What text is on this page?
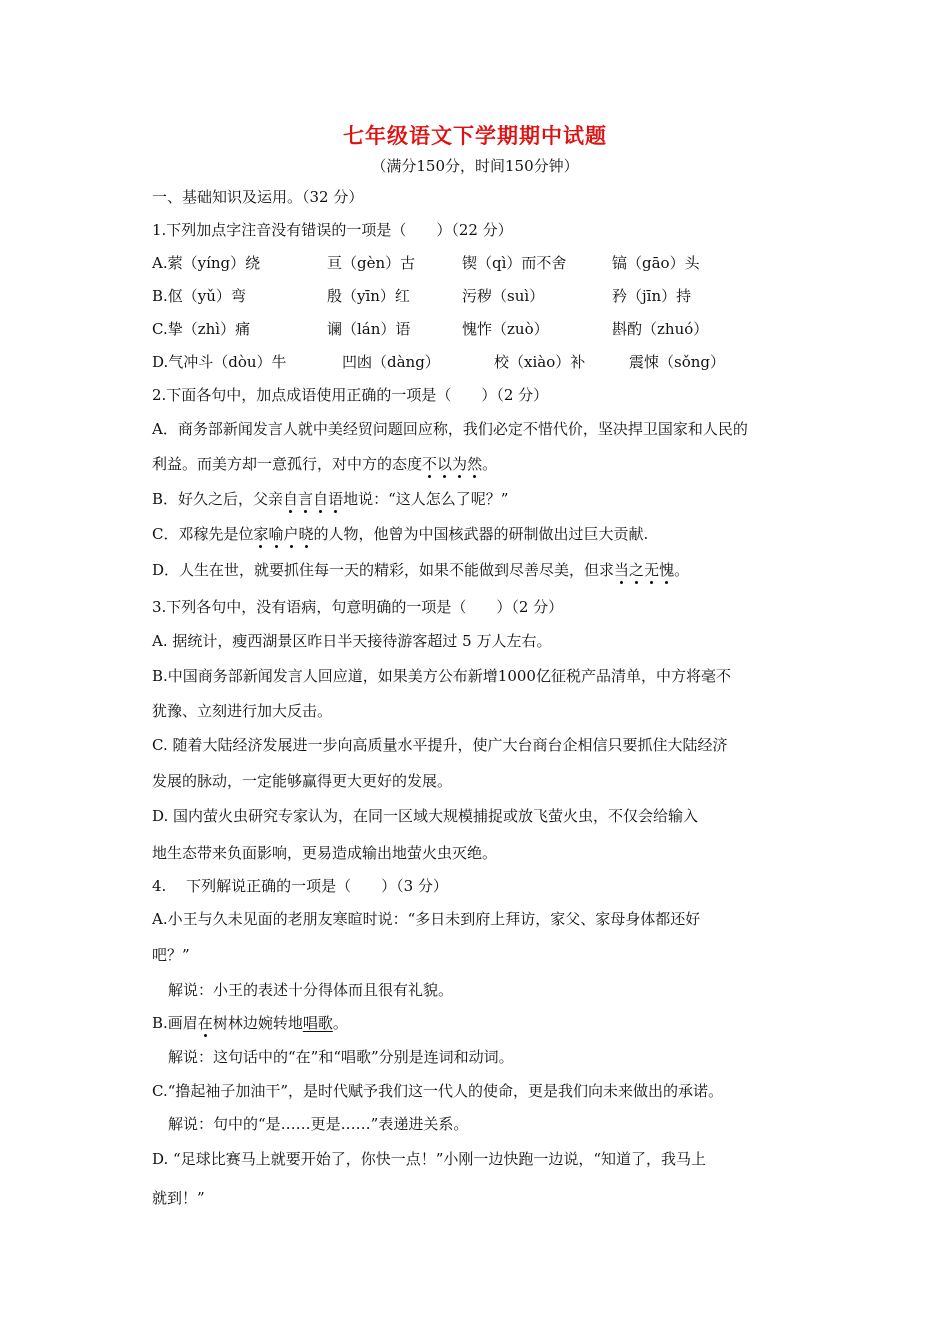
七年级语文下学期期中试题
（满分150分，时间150分钟）
一、基础知识及运用。（32 分）
1.下列加点字注音没有错误的一项是（　　）（22 分）
A.萦（yíng）绕	亘（gèn）古	锲（qì）而不舍	镐（gāo）头
B.伛（yǔ）弯	殷（yīn）红	污秽（suì）	矜（jīn）持
C.挚（zhì）痛	谰（lán）语	愧怍（zuò）	斟酌（zhuó）
D.气冲斗（dòu）牛	凹凼（dàng）	校（xiào）补	震悚（sǒng）
2.下面各句中，加点成语使用正确的一项是（　　）（2 分）
A．商务部新闻发言人就中美经贸问题回应称，我们必定不惜代价，坚决捍卫国家和人民的
利益。而美方却一意孤行，对中方的态度不以为然。
B．好久之后，父亲自言自语地说：“这人怎么了呢？”
C．邓稼先是位家喻户晓的人物，他曾为中国核武器的研制做出过巨大贡献.
D．人生在世，就要抓住每一天的精彩，如果不能做到尽善尽美，但求当之无愧。
3.下列各句中，没有语病，句意明确的一项是（　　）（2 分）
A. 据统计，瘦西湖景区昨日半天接待游客超过 5 万人左右。
B.中国商务部新闻发言人回应道，如果美方公布新增1000亿征税产品清单，中方将毫不
犹豫、立刻进行加大反击。
C. 随着大陆经济发展进一步向高质量水平提升，使广大台商台企相信只要抓住大陆经济
发展的脉动，一定能够赢得更大更好的发展。
D. 国内萤火虫研究专家认为，在同一区域大规模捕捉或放飞萤火虫，不仅会给输入
地生态带来负面影响，更易造成输出地萤火虫灭绝。
4.　 下列解说正确的一项是（　　）（3 分）
A.小王与久未见面的老朋友寒暄时说：“多日未到府上拜访，家父、家母身体都还好
吧？”
解说：小王的表述十分得体而且很有礼貌。
B.画眉在树林边婉转地唱歌。
解说：这句话中的“在”和“唱歌”分别是连词和动词。
C.“撸起袖子加油干”，是时代赋予我们这一代人的使命，更是我们向未来做出的承诺。
解说：句中的“是……更是……”表递进关系。
D. “足球比赛马上就要开始了，你快一点！”小刚一边快跑一边说，“知道了，我马上
就到！”
